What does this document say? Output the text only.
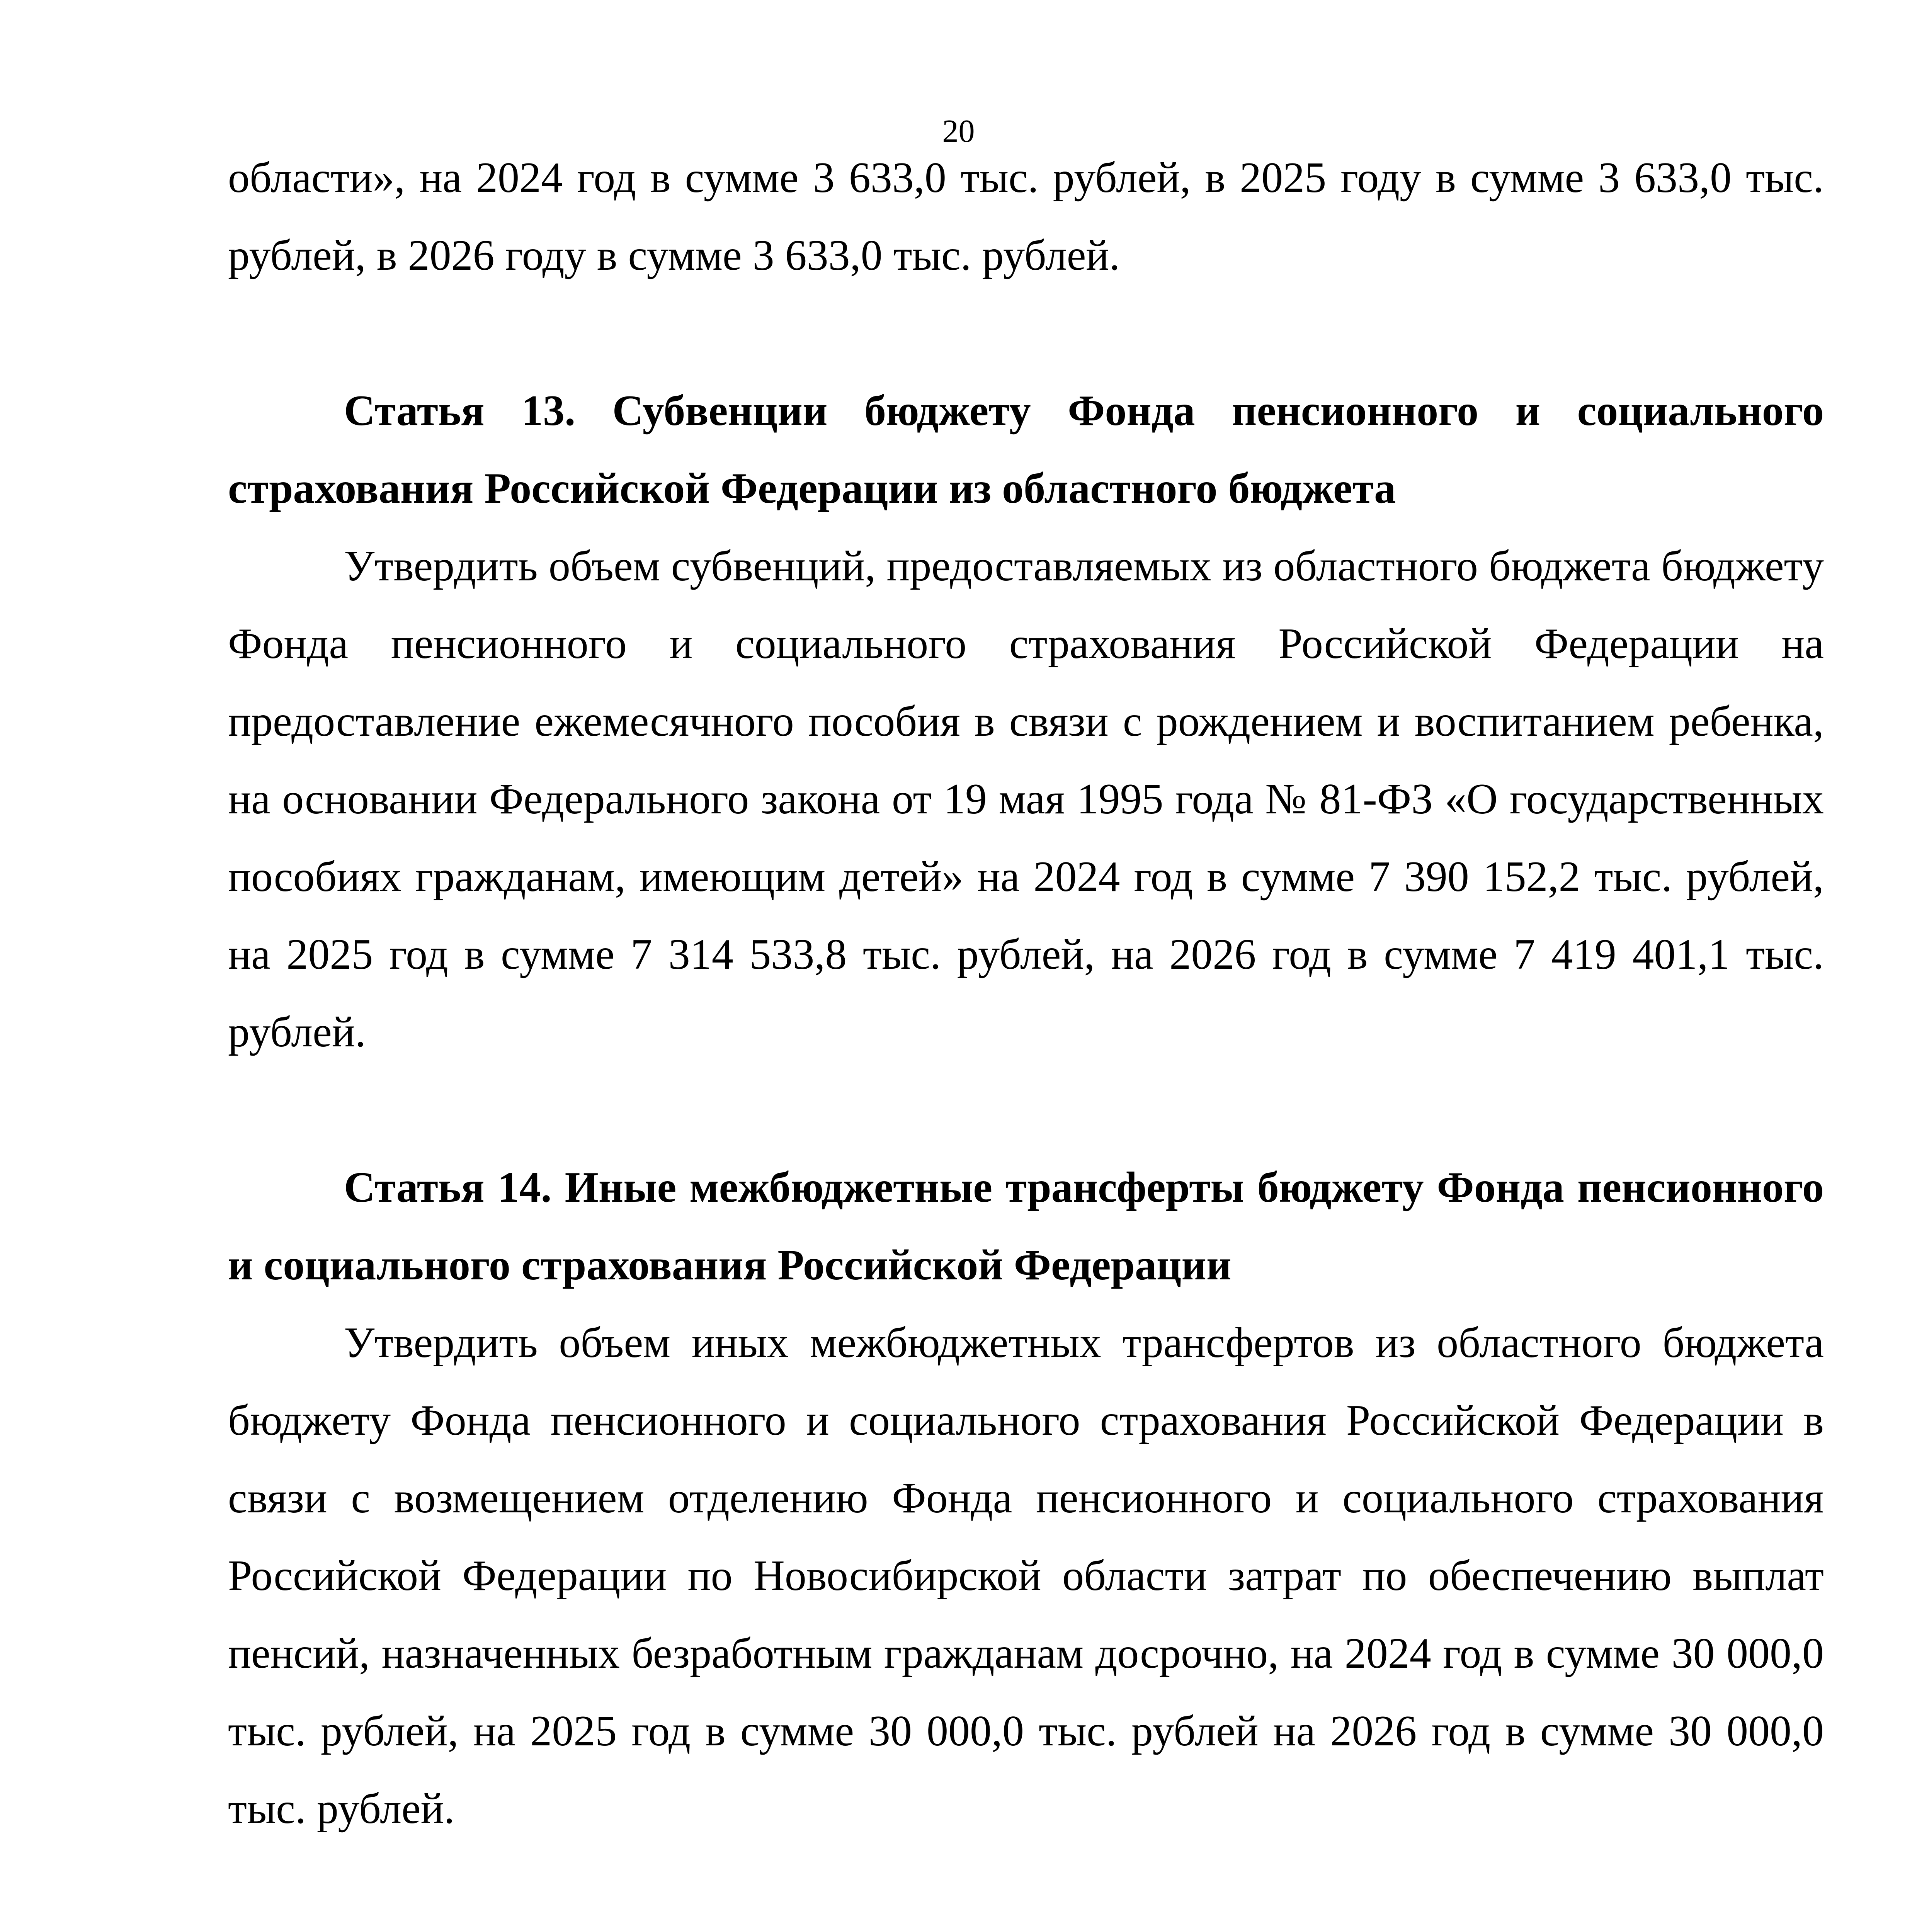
20

области», на 2024 год в сумме 3 633,0 тыс. рублей, в 2025 году в сумме 3 633,0 тыс. рублей, в 2026 году в сумме 3 633,0 тыс. рублей.

Статья 13. Субвенции бюджету Фонда пенсионного и социального страхования Российской Федерации из областного бюджета

Утвердить объем субвенций, предоставляемых из областного бюджета бюджету Фонда пенсионного и социального страхования Российской Федерации на предоставление ежемесячного пособия в связи с рождением и воспитанием ребенка, на основании Федерального закона от 19 мая 1995 года № 81-ФЗ «О государственных пособиях гражданам, имеющим детей» на 2024 год в сумме 7 390 152,2 тыс. рублей, на 2025 год в сумме 7 314 533,8 тыс. рублей, на 2026 год в сумме 7 419 401,1 тыс. рублей.

Статья 14. Иные межбюджетные трансферты бюджету Фонда пенсионного и социального страхования Российской Федерации

Утвердить объем иных межбюджетных трансфертов из областного бюджета бюджету Фонда пенсионного и социального страхования Российской Федерации в связи с возмещением отделению Фонда пенсионного и социального страхования Российской Федерации по Новосибирской области затрат по обеспечению выплат пенсий, назначенных безработным гражданам досрочно, на 2024 год в сумме 30 000,0 тыс. рублей, на 2025 год в сумме 30 000,0 тыс. рублей на 2026 год в сумме 30 000,0 тыс. рублей.
